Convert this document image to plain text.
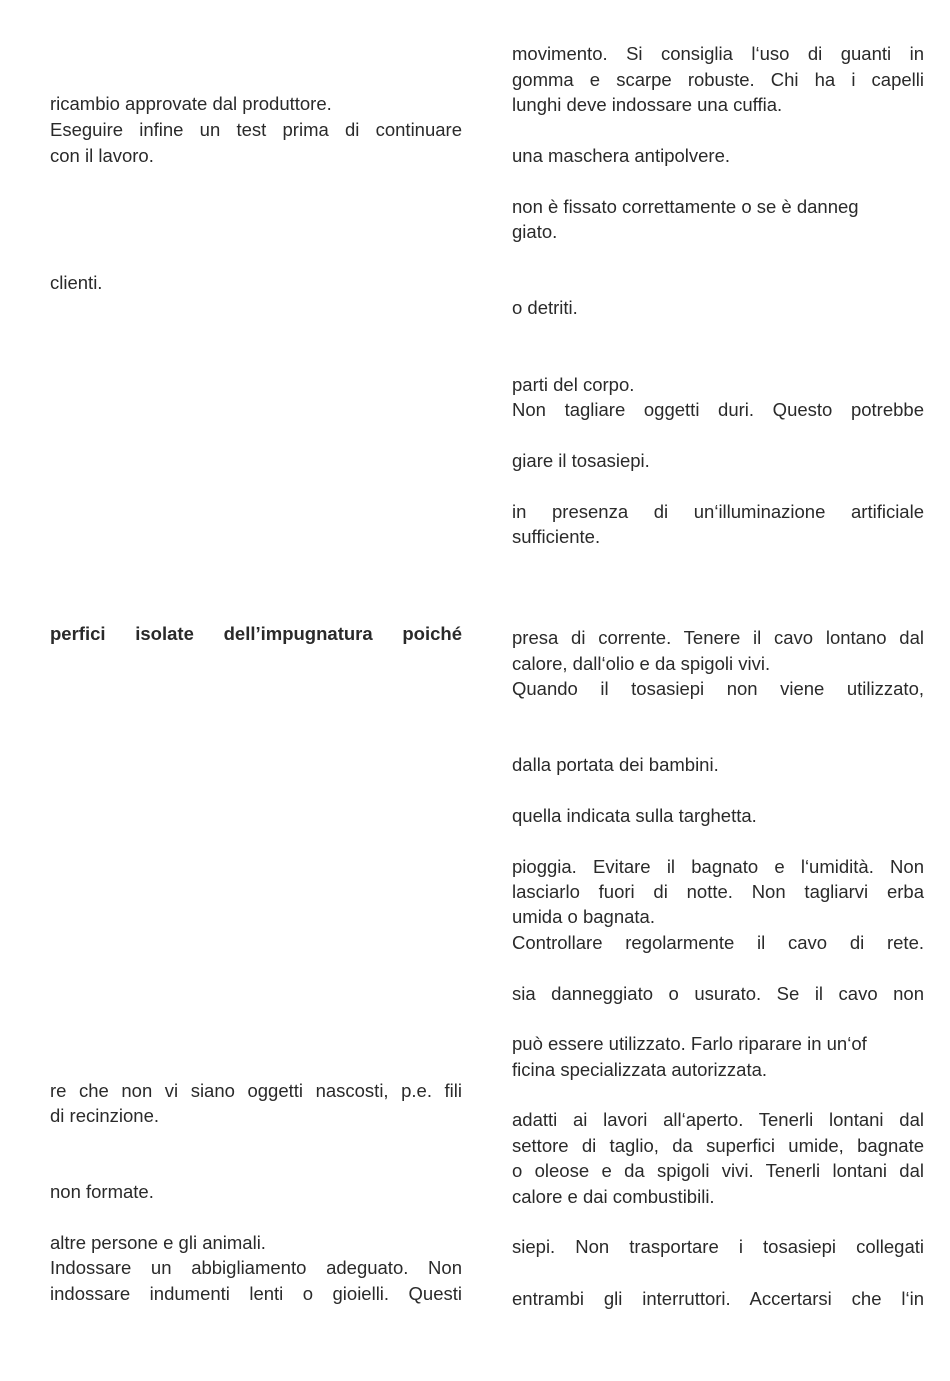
ricambio approvate dal produttore.
Eseguire infine un test prima di continuare
con il lavoro.
clienti.
perfici isolate dell’impugnatura poiché
re che non vi siano oggetti nascosti, p.e. fili
di recinzione.
non formate.
altre persone e gli animali.
Indossare un abbigliamento adeguato. Non
indossare indumenti lenti o gioielli. Questi
movimento. Si consiglia l‘uso di guanti in
gomma e scarpe robuste. Chi ha i capelli
lunghi deve indossare una cuffia.
una maschera antipolvere.
non è fissato correttamente o se è danneg
giato.
o detriti.
parti del corpo.
Non tagliare oggetti duri. Questo potrebbe
giare il tosasiepi.
in presenza di un‘illuminazione artificiale
sufficiente.
presa di corrente. Tenere il cavo lontano dal
calore, dall‘olio e da spigoli vivi.
Quando il tosasiepi non viene utilizzato,
dalla portata dei bambini.
quella indicata sulla targhetta.
pioggia. Evitare il bagnato e l‘umidità. Non
lasciarlo fuori di notte. Non tagliarvi erba
umida o bagnata.
Controllare regolarmente il cavo di rete.
sia danneggiato o usurato. Se il cavo non
può essere utilizzato. Farlo riparare in un‘of
ficina specializzata autorizzata.
adatti ai lavori all‘aperto. Tenerli lontani dal
settore di taglio, da superfici umide, bagnate
o oleose e da spigoli vivi. Tenerli lontani dal
calore e dai combustibili.
siepi. Non trasportare i tosasiepi collegati
entrambi gli interruttori. Accertarsi che l‘in
